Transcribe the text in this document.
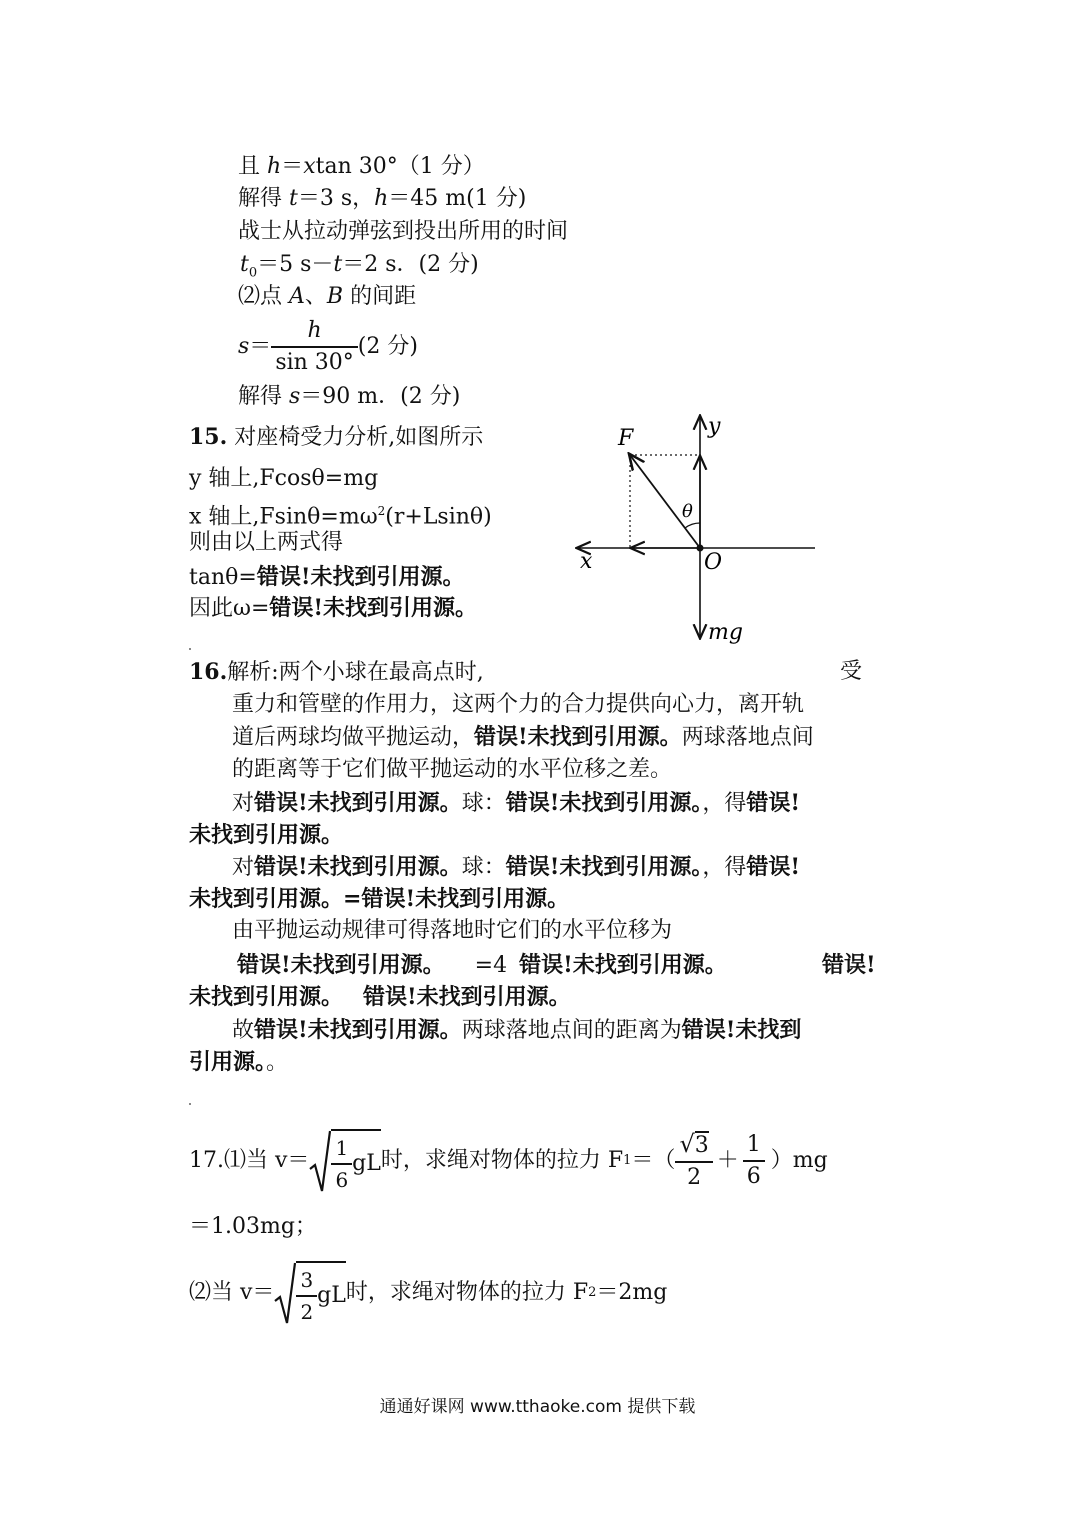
且 h＝xtan 30°（1 分）
解得 t＝3 s，h＝45 m(1 分)
战士从拉动弹弦到投出所用的时间
$t_0=5$ s－t＝2 s．(2 分)
⑵点 A、B 的间距
$s= \frac{h}{\sin 30^\circ} (2$ 分)
解得 s＝90 m．(2 分)
15. 对座椅受力分析,如图所示
y 轴上,Fcosθ=mg
x 轴上$,Fsin\theta=m\omega^2(r+Lsin\theta)$
则由以上两式得
tanθ=错误!未找到引用源。
因此ω=错误!未找到引用源。
F	y
x
θ
O
mg
16.解析:两个小球在最高点时,	受
重力和管壁的作用力，这两个力的合力提供向心力，离开轨
道后两球均做平抛运动，错误!未找到引用源。两球落地点间
的距离等于它们做平抛运动的水平位移之差。
对错误!未找到引用源。球：错误!未找到引用源。，得错误!
未找到引用源。
对错误!未找到引用源。球：错误!未找到引用源。，得错误!
未找到引用源。=错误!未找到引用源。
由平抛运动规律可得落地时它们的水平位移为
错误!未找到引用源。 =4 错误!未找到引用源。	错误!
未找到引用源。 错误!未找到引用源。
故错误!未找到引用源。两球落地点间的距离为错误!未找到
引用源。。
17. ⑴当 $v= \frac{1}{6}$ gL 时，求绳对物体的拉力 F 1 ＝（ $\frac{√3}{2} + \frac{1}{6} )mg$
＝1.03mg；
⑵当 $v= \frac{3}{2}$ gL 时，求绳对物体的拉力 F 2 ＝2mg
通通好课网 www.tthaoke.com 提供下载
